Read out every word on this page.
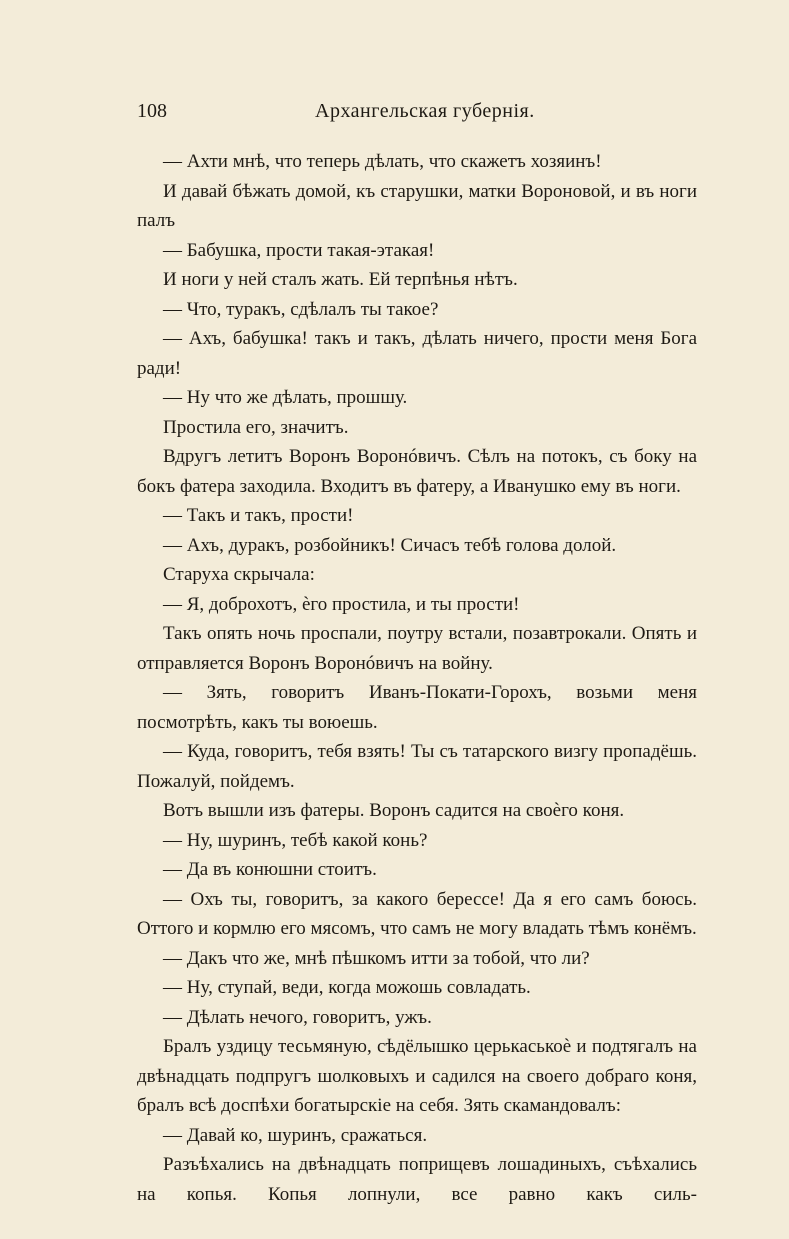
108	Архангельская губернія.

— Ахти мнѣ, что теперь дѣлать, что скажетъ хозяинъ!

И давай бѣжать домой, къ старушки, матки Вороновой, и въ ноги палъ

— Бабушка, прости такая-этакая!

И ноги у ней сталъ жать. Ей терпѣнья нѣтъ.

— Что, туракъ, сдѣлалъ ты такое?

— Ахъ, бабушка! такъ и такъ, дѣлать ничего, прости меня Бога ради!

— Ну что же дѣлать, прошшу.

Простила его, значитъ.

Вдругъ летитъ Воронъ Воронóвичъ. Сѣлъ на потокъ, съ боку на бокъ фатера заходила. Входитъ въ фатеру, а Иванушко ему въ ноги.

— Такъ и такъ, прости!

— Ахъ, дуракъ, розбойникъ! Сичасъ тебѣ голова долой.

Старуха скрычала:

— Я, доброхотъ, ѐго простила, и ты прости!

Такъ опять ночь проспали, поутру встали, позавтрокали. Опять и отправляется Воронъ Воронóвичъ на войну.

— Зять, говоритъ Иванъ-Покати-Горохъ, возьми меня посмотрѣть, какъ ты воюешь.

— Куда, говоритъ, тебя взять! Ты съ татарского визгу пропадёшь. Пожалуй, пойдемъ.

Вотъ вышли изъ фатеры. Воронъ садится на своѐго коня.

— Ну, шуринъ, тебѣ какой конь?

— Да въ конюшни стоитъ.

— Охъ ты, говоритъ, за какого берессе! Да я его самъ боюсь. Оттого и кормлю его мясомъ, что самъ не могу владать тѣмъ конёмъ.

— Дакъ что же, мнѣ пѣшкомъ итти за тобой, что ли?

— Ну, ступай, веди, когда можошь совладать.

— Дѣлать нечого, говоритъ, ужъ.

Бралъ уздицу тесьмяную, сѣдёлышко церькаськоѐ и подтягалъ на двѣнадцать подпругъ шолковыхъ и садился на своего добраго коня, бралъ всѣ доспѣхи богатырскіе на себя. Зять скамандовалъ:

— Давай ко, шуринъ, сражаться.

Разъѣхались на двѣнадцать поприщевъ лошадиныхъ, съѣхались на копья. Копья лопнули, все равно какъ силь-
